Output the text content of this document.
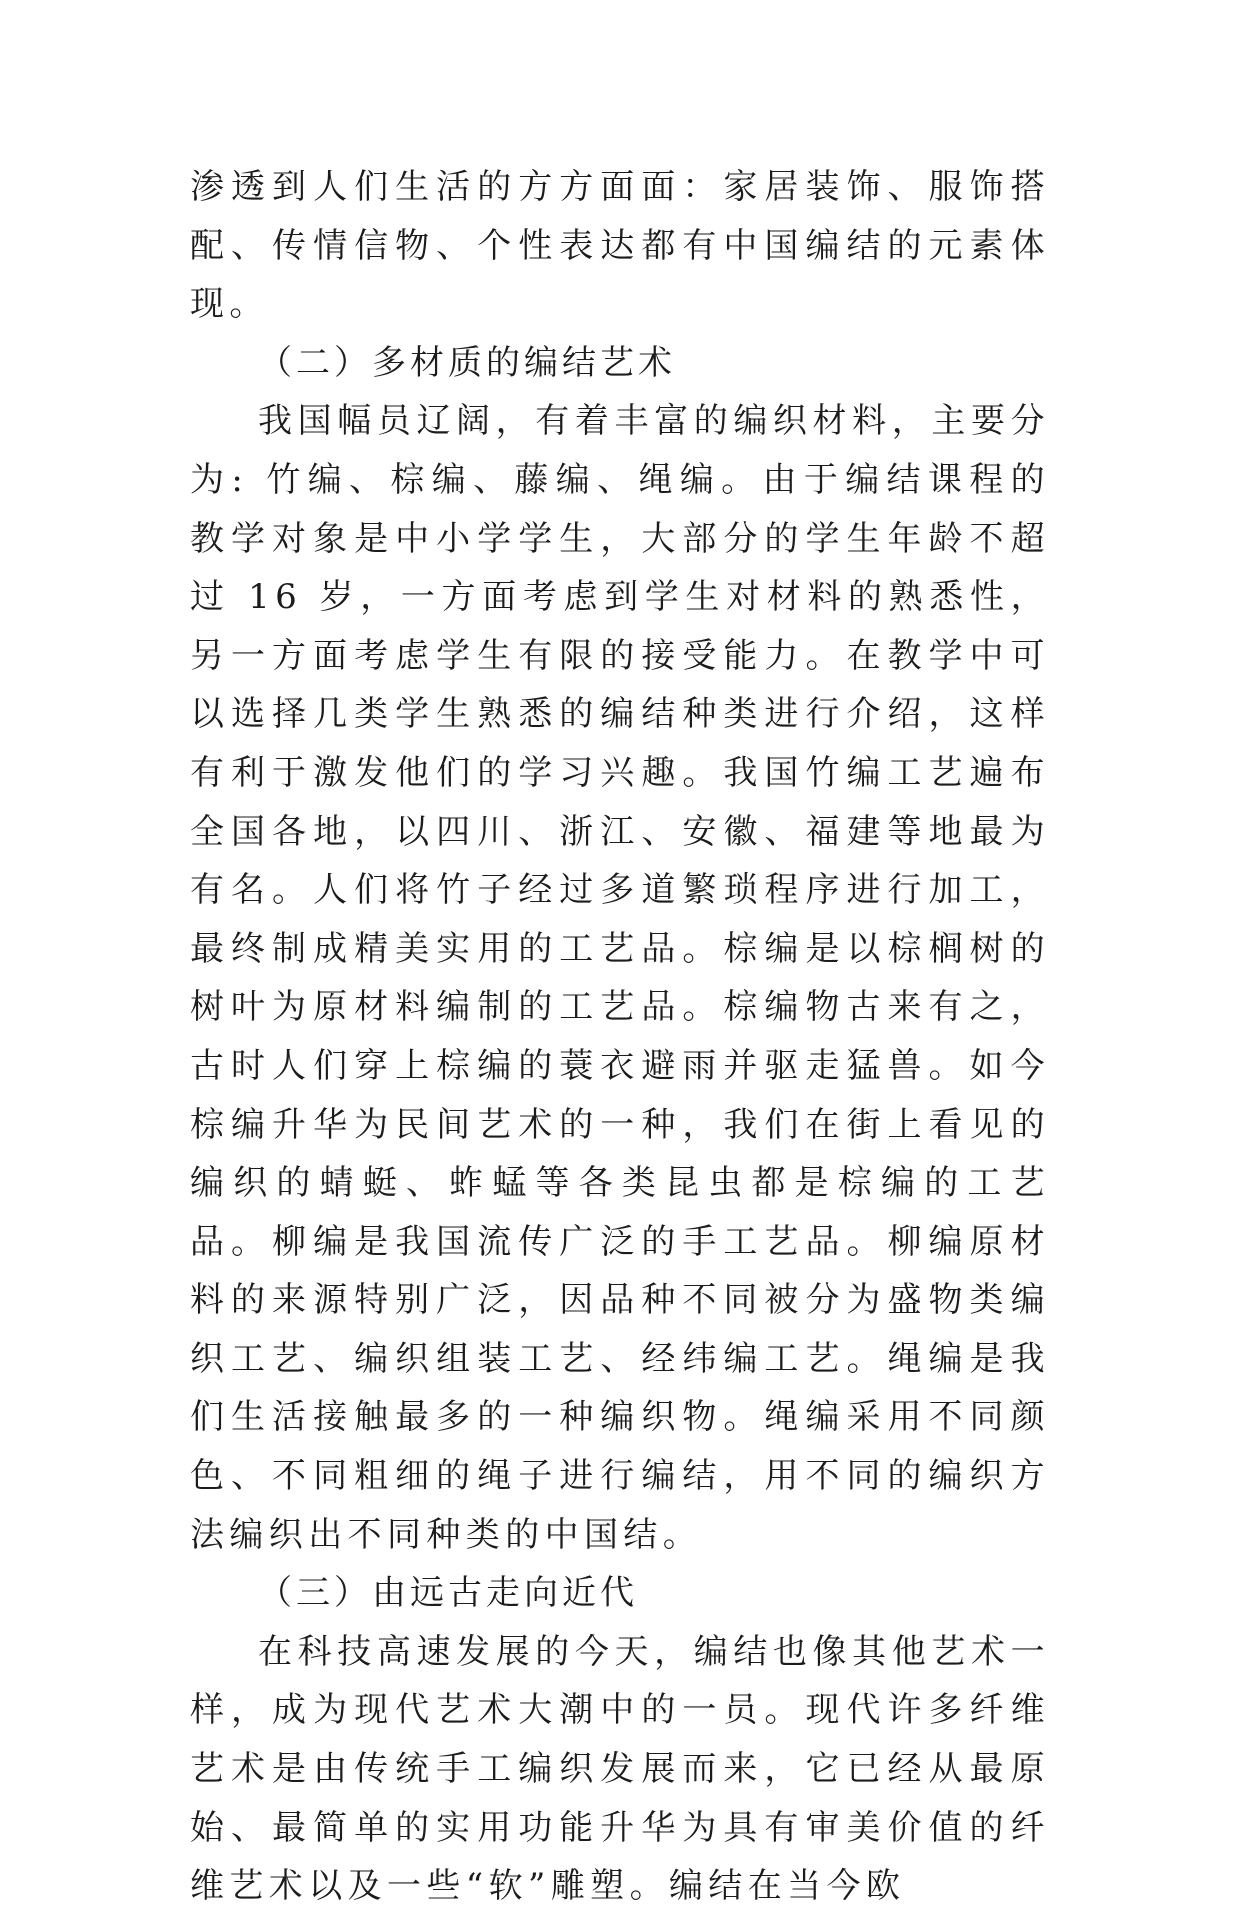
渗透到人们生活的方方面面：家居装饰、服饰搭配、传情信物、个性表达都有中国编结的元素体现。

（二）多材质的编结艺术

我国幅员辽阔，有着丰富的编织材料，主要分为: 竹编、棕编、藤编、绳编。由于编结课程的教学对象是中小学学生，大部分的学生年龄不超过 16 岁，一方面考虑到学生对材料的熟悉性，另一方面考虑学生有限的接受能力。在教学中可以选择几类学生熟悉的编结种类进行介绍，这样有利于激发他们的学习兴趣。我国竹编工艺遍布全国各地，以四川、浙江、安徽、福建等地最为有名。人们将竹子经过多道繁琐程序进行加工，最终制成精美实用的工艺品。棕编是以棕榈树的树叶为原材料编制的工艺品。棕编物古来有之，古时人们穿上棕编的蓑衣避雨并驱走猛兽。如今棕编升华为民间艺术的一种，我们在街上看见的编织的蜻蜓、蚱蜢等各类昆虫都是棕编的工艺品。柳编是我国流传广泛的手工艺品。柳编原材料的来源特别广泛，因品种不同被分为盛物类编织工艺、编织组装工艺、经纬编工艺。绳编是我们生活接触最多的一种编织物。绳编采用不同颜色、不同粗细的绳子进行编结，用不同的编织方法编织出不同种类的中国结。

（三）由远古走向近代

在科技高速发展的今天，编结也像其他艺术一样，成为现代艺术大潮中的一员。现代许多纤维艺术是由传统手工编织发展而来，它已经从最原始、最简单的实用功能升华为具有审美价值的纤维艺术以及一些“软”雕塑。编结在当今欧
